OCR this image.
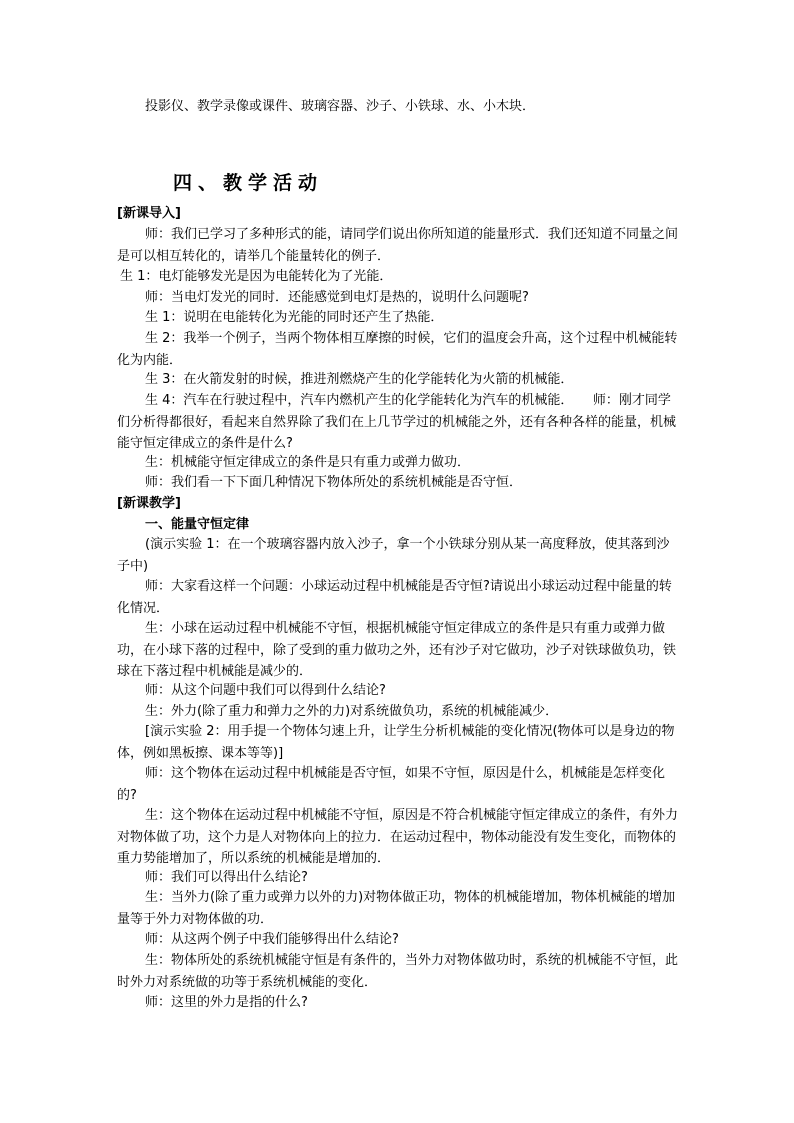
投影仪、教学录像或课件、玻璃容器、沙子、小铁球、水、小木块．

四、教学活动

[新课导入]

师：我们已学习了多种形式的能，请同学们说出你所知道的能量形式．我们还知道不同量之间是可以相互转化的，请举几个能量转化的例子．

生 1：电灯能够发光是因为电能转化为了光能．

师：当电灯发光的同时．还能感觉到电灯是热的，说明什么问题呢?

生 1：说明在电能转化为光能的同时还产生了热能．

生 2：我举一个例子，当两个物体相互摩擦的时候，它们的温度会升高，这个过程中机械能转化为内能．

生 3：在火箭发射的时候，推进剂燃烧产生的化学能转化为火箭的机械能．

生 4：汽车在行驶过程中，汽车内燃机产生的化学能转化为汽车的机械能．　　师：刚才同学们分析得都很好，看起来自然界除了我们在上几节学过的机械能之外，还有各种各样的能量，机械能守恒定律成立的条件是什么?

生：机械能守恒定律成立的条件是只有重力或弹力做功．

师：我们看一下下面几种情况下物体所处的系统机械能是否守恒．

[新课教学]

一、能量守恒定律

(演示实验 1：在一个玻璃容器内放入沙子，拿一个小铁球分别从某一高度释放，使其落到沙子中)

师：大家看这样一个问题：小球运动过程中机械能是否守恒?请说出小球运动过程中能量的转化情况．

生：小球在运动过程中机械能不守恒，根据机械能守恒定律成立的条件是只有重力或弹力做功，在小球下落的过程中，除了受到的重力做功之外，还有沙子对它做功，沙子对铁球做负功，铁球在下落过程中机械能是减少的．

师：从这个问题中我们可以得到什么结论?

生：外力(除了重力和弹力之外的力)对系统做负功，系统的机械能减少．

[演示实验 2：用手提一个物体匀速上升，让学生分析机械能的变化情况(物体可以是身边的物体，例如黑板擦、课本等等)]

师：这个物体在运动过程中机械能是否守恒，如果不守恒，原因是什么，机械能是怎样变化的?

生：这个物体在运动过程中机械能不守恒，原因是不符合机械能守恒定律成立的条件，有外力对物体做了功，这个力是人对物体向上的拉力．在运动过程中，物体动能没有发生变化，而物体的重力势能增加了，所以系统的机械能是增加的．

师：我们可以得出什么结论?

生：当外力(除了重力或弹力以外的力)对物体做正功，物体的机械能增加，物体机械能的增加量等于外力对物体做的功．

师：从这两个例子中我们能够得出什么结论?

生：物体所处的系统机械能守恒是有条件的，当外力对物体做功时，系统的机械能不守恒，此时外力对系统做的功等于系统机械能的变化．

师：这里的外力是指的什么?
